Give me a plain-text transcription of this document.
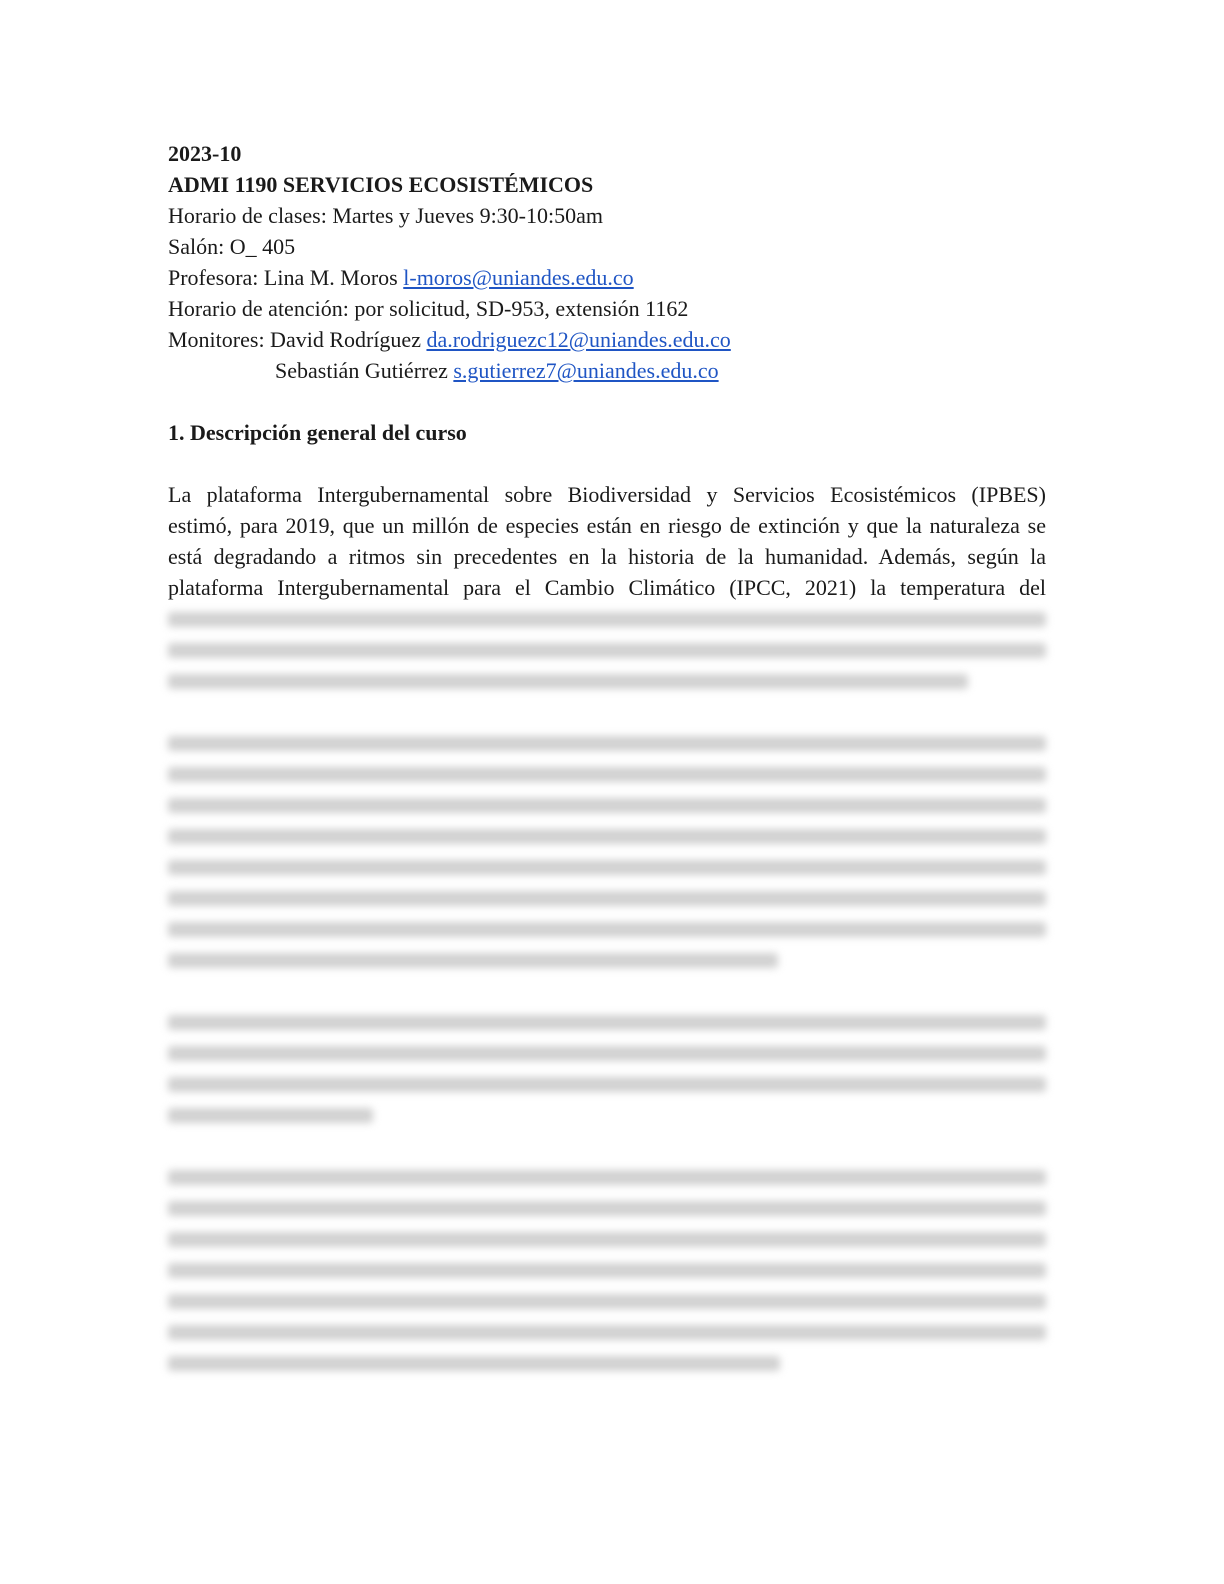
2023-10
ADMI 1190 SERVICIOS ECOSISTÉMICOS
Horario de clases: Martes y Jueves 9:30-10:50am
Salón: O_ 405
Profesora: Lina M. Moros l-moros@uniandes.edu.co
Horario de atención: por solicitud, SD-953, extensión 1162
Monitores: David Rodríguez da.rodriguezc12@uniandes.edu.co
Sebastián Gutiérrez s.gutierrez7@uniandes.edu.co
1. Descripción general del curso
La plataforma Intergubernamental sobre Biodiversidad y Servicios Ecosistémicos (IPBES)
estimó, para 2019, que un millón de especies están en riesgo de extinción y que la naturaleza se
está degradando a ritmos sin precedentes en la historia de la humanidad. Además, según la
plataforma Intergubernamental para el Cambio Climático (IPCC, 2021) la temperatura del
